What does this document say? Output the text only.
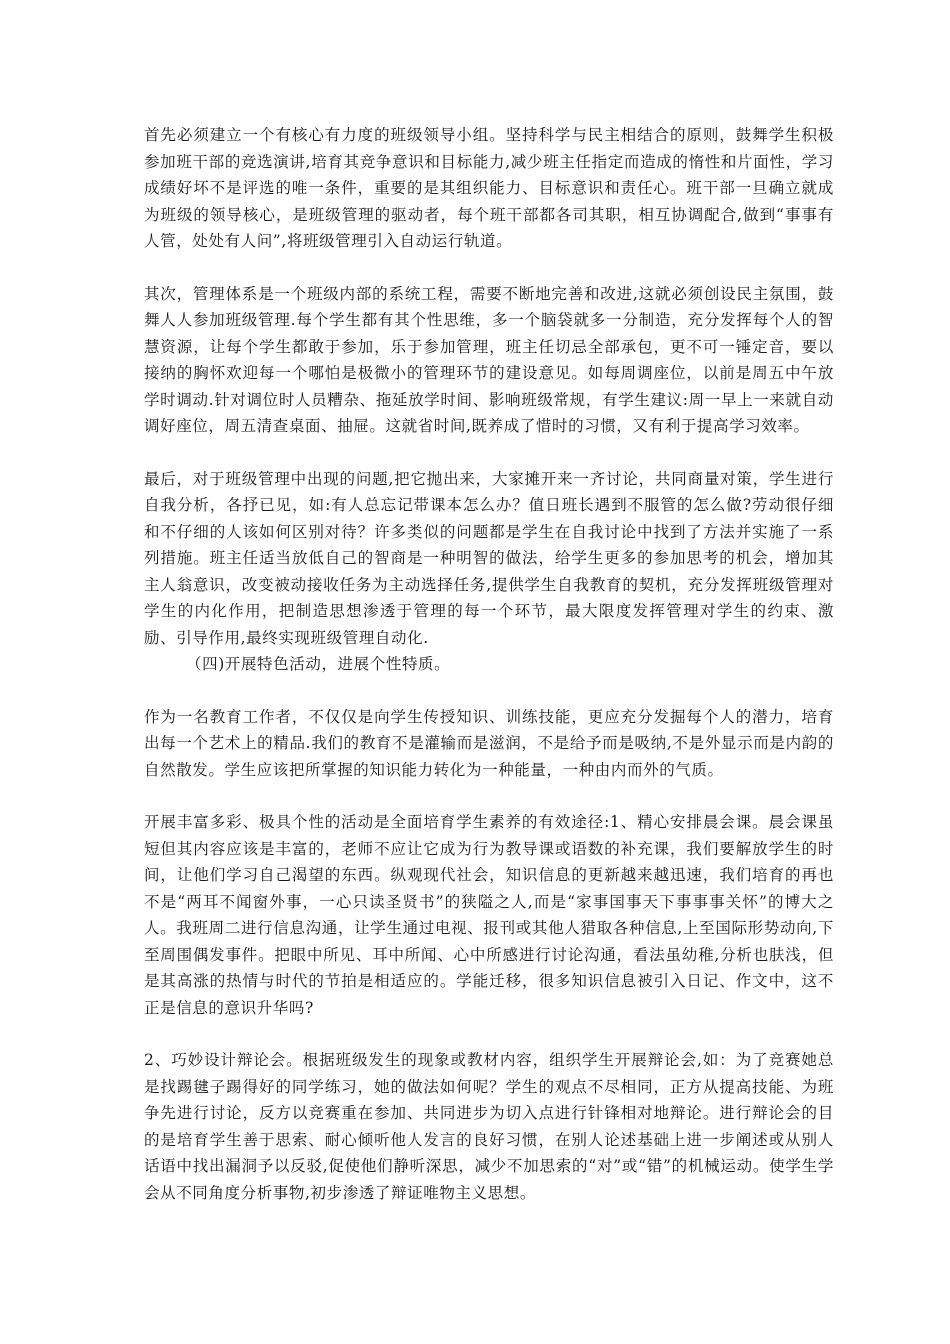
首先必须建立一个有核心有力度的班级领导小组。坚持科学与民主相结合的原则，鼓舞学生积极参加班干部的竞选演讲,培育其竞争意识和目标能力,减少班主任指定而造成的惰性和片面性，学习成绩好坏不是评选的唯一条件，重要的是其组织能力、目标意识和责任心。班干部一旦确立就成为班级的领导核心，是班级管理的驱动者，每个班干部都各司其职，相互协调配合,做到“事事有人管，处处有人问”,将班级管理引入自动运行轨道。

其次，管理体系是一个班级内部的系统工程，需要不断地完善和改进,这就必须创设民主氛围，鼓舞人人参加班级管理.每个学生都有其个性思维，多一个脑袋就多一分制造，充分发挥每个人的智慧资源，让每个学生都敢于参加，乐于参加管理，班主任切忌全部承包，更不可一锤定音，要以接纳的胸怀欢迎每一个哪怕是极微小的管理环节的建设意见。如每周调座位，以前是周五中午放学时调动.针对调位时人员糟杂、拖延放学时间、影响班级常规，有学生建议:周一早上一来就自动调好座位，周五清查桌面、抽屉。这就省时间,既养成了惜时的习惯，又有利于提高学习效率。

最后，对于班级管理中出现的问题,把它抛出来，大家摊开来一齐讨论，共同商量对策，学生进行自我分析，各抒已见，如:有人总忘记带课本怎么办？值日班长遇到不服管的怎么做?劳动很仔细和不仔细的人该如何区别对待？许多类似的问题都是学生在自我讨论中找到了方法并实施了一系列措施。班主任适当放低自己的智商是一种明智的做法，给学生更多的参加思考的机会，增加其主人翁意识，改变被动接收任务为主动选择任务,提供学生自我教育的契机，充分发挥班级管理对学生的内化作用，把制造思想渗透于管理的每一个环节，最大限度发挥管理对学生的约束、激励、引导作用,最终实现班级管理自动化.

（四)开展特色活动，进展个性特质。

作为一名教育工作者，不仅仅是向学生传授知识、训练技能，更应充分发掘每个人的潜力，培育出每一个艺术上的精品.我们的教育不是灌输而是滋润，不是给予而是吸纳,不是外显示而是内韵的自然散发。学生应该把所掌握的知识能力转化为一种能量，一种由内而外的气质。

开展丰富多彩、极具个性的活动是全面培育学生素养的有效途径:1、精心安排晨会课。晨会课虽短但其内容应该是丰富的，老师不应让它成为行为教导课或语数的补充课，我们要解放学生的时间，让他们学习自己渴望的东西。纵观现代社会，知识信息的更新越来越迅速，我们培育的再也不是“两耳不闻窗外事，一心只读圣贤书”的狭隘之人,而是“家事国事天下事事事关怀”的博大之人。我班周二进行信息沟通，让学生通过电视、报刊或其他人猎取各种信息,上至国际形势动向,下至周围偶发事件。把眼中所见、耳中所闻、心中所感进行讨论沟通，看法虽幼稚,分析也肤浅，但是其高涨的热情与时代的节拍是相适应的。学能迁移，很多知识信息被引入日记、作文中，这不正是信息的意识升华吗?

2、巧妙设计辩论会。根据班级发生的现象或教材内容，组织学生开展辩论会,如：为了竞赛她总是找踢毽子踢得好的同学练习，她的做法如何呢？学生的观点不尽相同，正方从提高技能、为班争先进行讨论，反方以竞赛重在参加、共同进步为切入点进行针锋相对地辩论。进行辩论会的目的是培育学生善于思索、耐心倾听他人发言的良好习惯，在别人论述基础上进一步阐述或从别人话语中找出漏洞予以反驳,促使他们静听深思，减少不加思索的“对”或“错”的机械运动。使学生学会从不同角度分析事物,初步渗透了辩证唯物主义思想。
